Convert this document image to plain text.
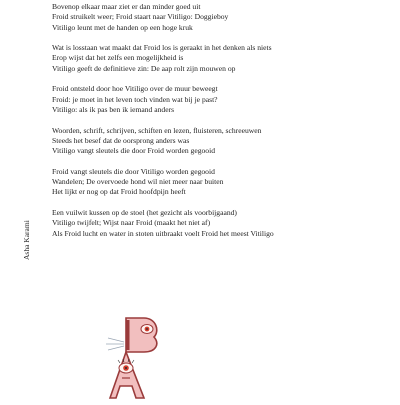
Bovenop elkaar maar ziet er dan minder goed uit
Froid struikelt weer; Froid staart naar Vitiligo: Doggieboy
Vitiligo leunt met de handen op een hoge kruk
Wat is losstaan wat maakt dat Froid los is geraakt in het denken als niets
Erop wijst dat het zelfs een mogelijkheid is
Vitiligo geeft de definitieve zin: De aap rolt zijn mouwen op
Froid ontsteld door hoe Vitiligo over de muur beweegt
Froid: je moet in het leven toch vinden wat bij je past?
Vitiligo: als ik pas ben ik iemand anders
Woorden, schrift, schrijven, schiften en lezen, fluisteren, schreeuwen
Steeds het besef dat de oorsprong anders was
Vitiligo vangt sleutels die door Froid worden gegooid
Froid vangt sleutels die door Vitiligo worden gegooid
Wandelen; De overvoede hond wil niet meer naar buiten
Het lijkt er nog op dat Froid hoofdpijn heeft
Een vuilwit kussen op de stoel (het gezicht als voorbijgaand)
Vitiligo twijfelt; Wijst naar Froid (maakt het niet af)
Als Froid lucht en water in stoten uitbraakt voelt Froid het meest Vitiligo
Asha Karami
